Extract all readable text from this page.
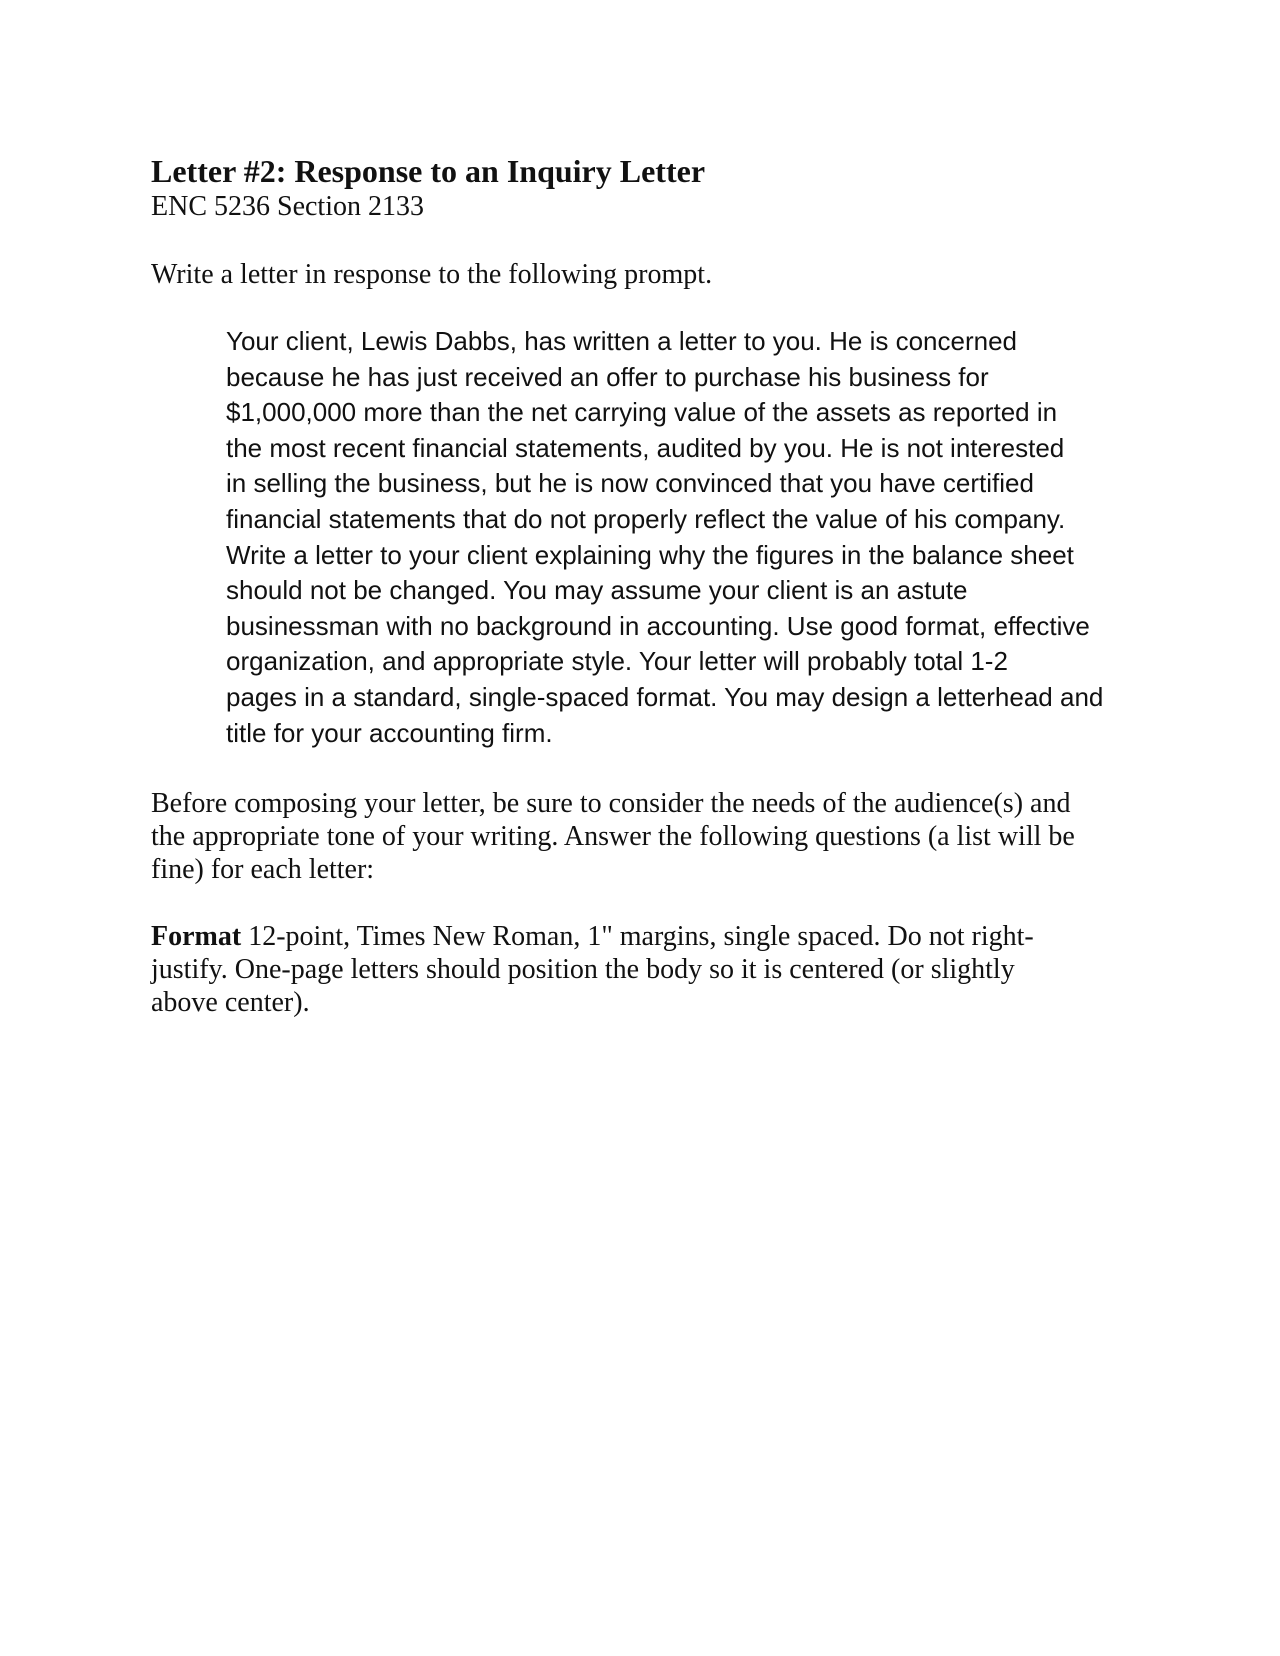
Letter #2: Response to an Inquiry Letter
ENC 5236 Section 2133
Write a letter in response to the following prompt.

Your client, Lewis Dabbs, has written a letter to you. He is concerned
because he has just received an offer to purchase his business for
$1,000,000 more than the net carrying value of the assets as reported in
the most recent financial statements, audited by you. He is not interested
in selling the business, but he is now convinced that you have certified
financial statements that do not properly reflect the value of his company.
Write a letter to your client explaining why the figures in the balance sheet
should not be changed. You may assume your client is an astute
businessman with no background in accounting. Use good format, effective
organization, and appropriate style. Your letter will probably total 1-2
pages in a standard, single-spaced format. You may design a letterhead and
title for your accounting firm.

Before composing your letter, be sure to consider the needs of the audience(s) and
the appropriate tone of your writing. Answer the following questions (a list will be
fine) for each letter:

Format 12-point, Times New Roman, 1" margins, single spaced. Do not right-
justify. One-page letters should position the body so it is centered (or slightly
above center).
